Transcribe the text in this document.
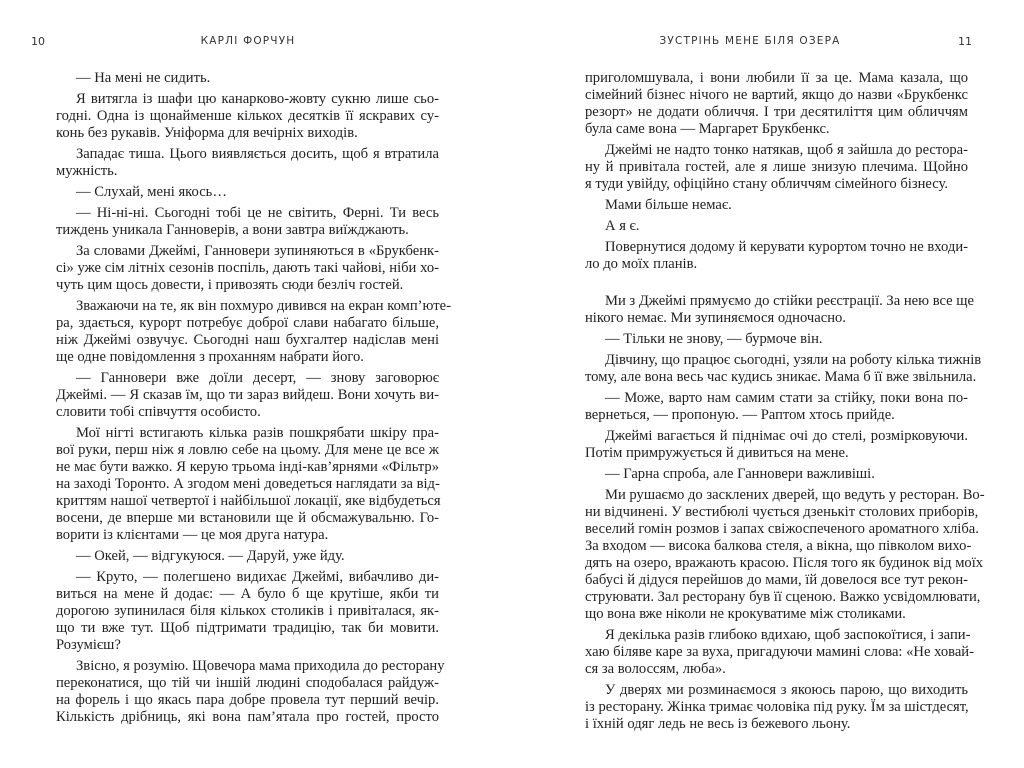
10	КАРЛІ ФОРЧУН
— На мені не сидить.
Я витягла із шафи цю канарково-жовту сукню лише сьо-
годні. Одна із щонайменше кількох десятків її яскравих су-
конь без рукавів. Уніформа для вечірніх виходів.
Западає тиша. Цього виявляється досить, щоб я втратила
мужність.
— Слухай, мені якось…
— Ні-ні-ні. Сьогодні тобі це не світить, Ферні. Ти весь
тиждень уникала Ганноверів, а вони завтра виїжджають.
За словами Джеймі, Ганновери зупиняються в «Брукбенк-
сі» уже сім літніх сезонів поспіль, дають такі чайові, ніби хо-
чуть цим щось довести, і привозять сюди безліч гостей.
Зважаючи на те, як він похмуро дивився на екран комп’ютe-
ра, здається, курорт потребує доброї слави набагато більше,
ніж Джеймі озвучує. Сьогодні наш бухгалтер надіслав мені
ще одне повідомлення з проханням набрати його.
— Ганновери вже доїли десерт, — знову заговорює
Джеймі. — Я сказав їм, що ти зараз вийдеш. Вони хочуть ви-
словити тобі співчуття особисто.
Мої нігті встигають кілька разів пошкрябати шкіру пра-
вої руки, перш ніж я ловлю себе на цьому. Для мене це все ж
не має бути важко. Я керую трьома інді-кав’ярнями «Фільтр»
на заході Торонто. А згодом мені доведеться наглядати за від-
криттям нашої четвертої і найбільшої локації, яке відбудеться
восени, де вперше ми встановили ще й обсмажувальню. Го-
ворити із клієнтами — це моя друга натура.
— Окей, — відгукуюся. — Даруй, уже йду.
— Круто, — полегшено видихає Джеймі, вибачливо ди-
виться на мене й додає: — А було б ще крутіше, якби ти
дорогою зупинилася біля кількох столиків і привіталася, як-
що ти вже тут. Щоб підтримати традицію, так би мовити.
Розумієш?
Звісно, я розумію. Щовечора мама приходила до ресторану
переконатися, що тій чи іншій людині сподобалася райдуж-
на форель і що якась пара добре провела тут перший вечір.
Кількість дрібниць, які вона пам’ятала про гостей, просто
ЗУСТРІНЬ МЕНЕ БІЛЯ ОЗЕРА	11
приголомшувала, і вони любили її за це. Мама казала, що
сімейний бізнес нічого не вартий, якщо до назви «Брукбенкс
резорт» не додати обличчя. І три десятиліття цим обличчям
була саме вона — Маргарет Брукбенкс.
Джеймі не надто тонко натякав, щоб я зайшла до рестора-
ну й привітала гостей, але я лише знизую плечима. Щойно
я туди увійду, офіційно стану обличчям сімейного бізнесу.
Мами більше немає.
А я є.
Повернутися додому й керувати курортом точно не входи-
ло до моїх планів.
Ми з Джеймі прямуємо до стійки реєстрації. За нею все ще
нікого немає. Ми зупиняємося одночасно.
— Тільки не знову, — бурмоче він.
Дівчину, що працює сьогодні, узяли на роботу кілька тижнів
тому, але вона весь час кудись зникає. Мама б її вже звільнила.
— Може, варто нам самим стати за стійку, поки вона по-
вернеться, — пропоную. — Раптом хтось прийде.
Джеймі вагається й піднімає очі до стелі, розмірковуючи.
Потім примружується й дивиться на мене.
— Гарна спроба, але Ганновери важливіші.
Ми рушаємо до засклених дверей, що ведуть у ресторан. Во-
ни відчинені. У вестибюлі чується дзенькіт столових приборів,
веселий гомін розмов і запах свіжоспеченого ароматного хліба.
За входом — висока балкова стеля, а вікна, що півколом вихо-
дять на озеро, вражають красою. Після того як будинок від моїх
бабусі й дідуся перейшов до мами, їй довелося все тут рекон-
струювати. Зал ресторану був її сценою. Важко усвідомлювати,
що вона вже ніколи не крокуватиме між столиками.
Я декілька разів глибоко вдихаю, щоб заспокоїтися, і запи-
хаю біляве каре за вуха, пригадуючи мамині слова: «Не ховай-
ся за волоссям, люба».
У дверях ми розминаємося з якоюсь парою, що виходить
із ресторану. Жінка тримає чоловіка під руку. Їм за шістдесят,
і їхній одяг ледь не весь із бежевого льону.
